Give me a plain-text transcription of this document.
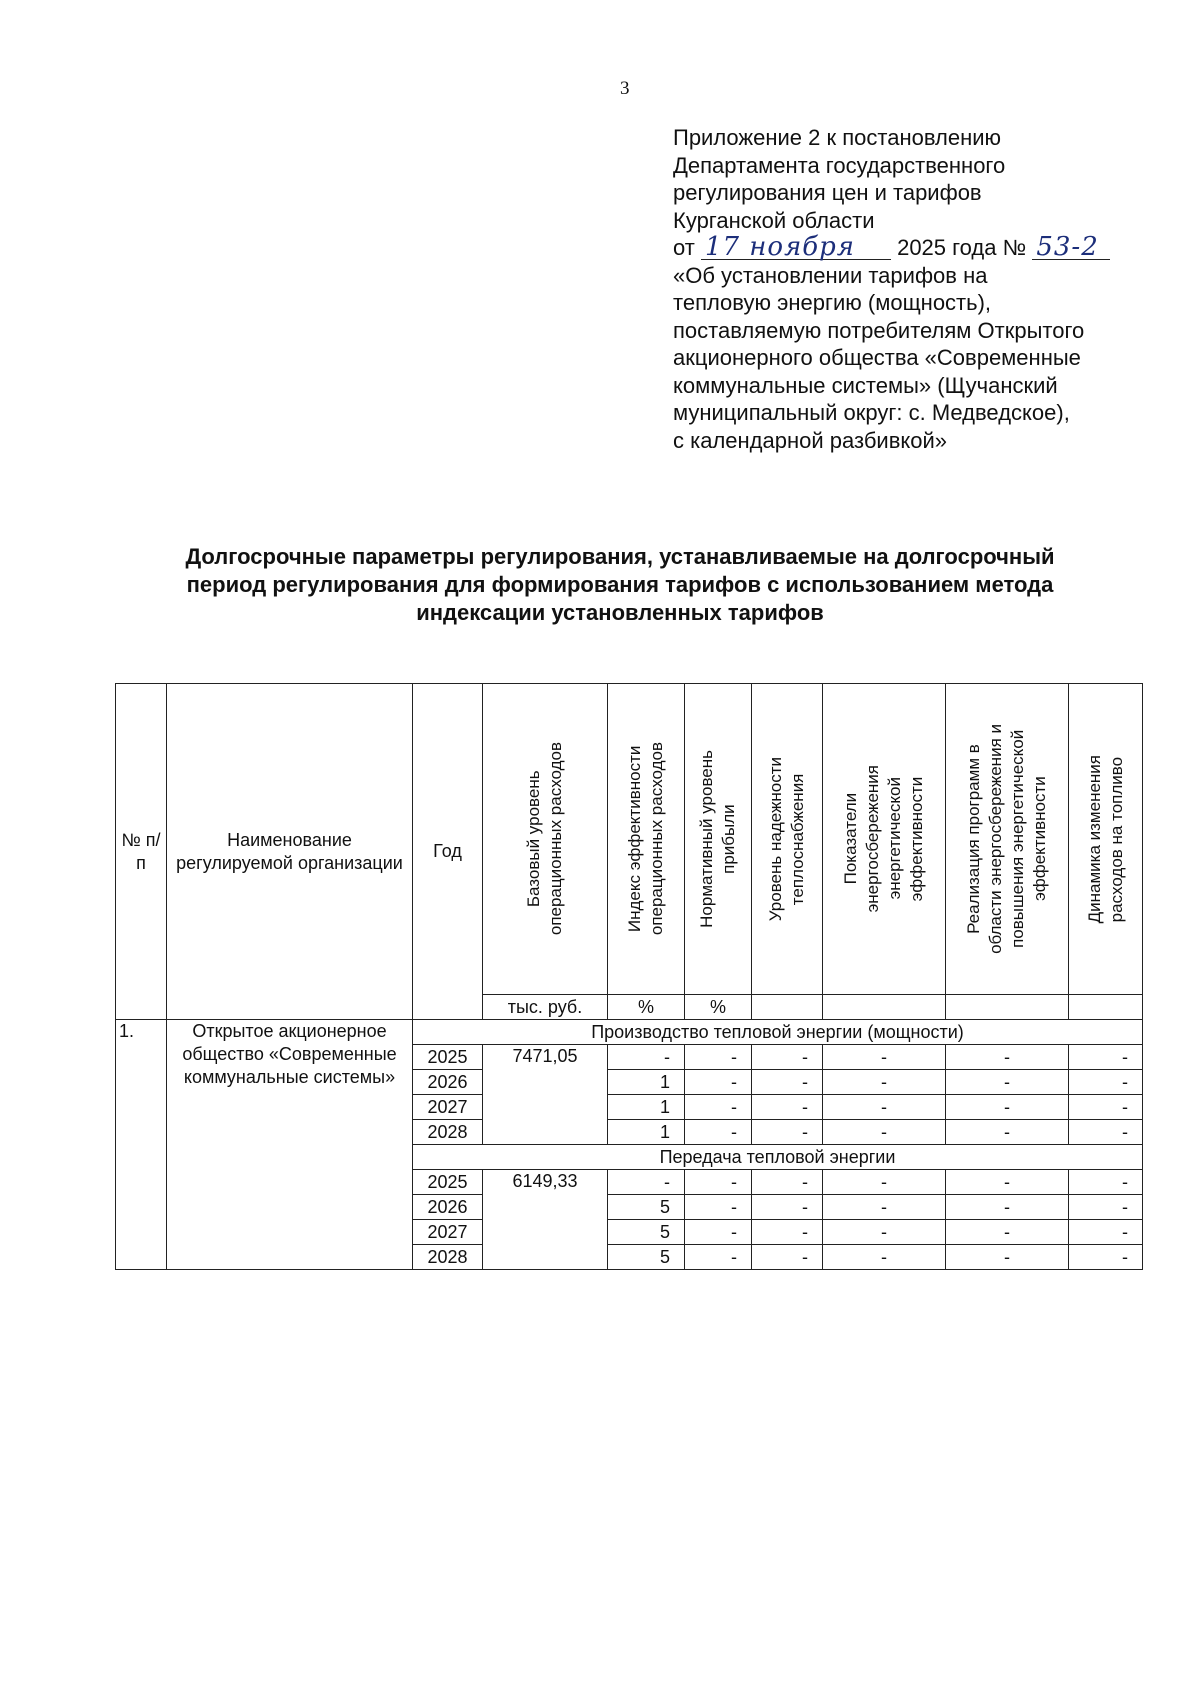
3
Приложение 2 к постановлению
Департамента государственного
регулирования цен и тарифов
Курганской области
от 17 ноября 2025 года № 53-2
«Об установлении тарифов на
тепловую энергию (мощность),
поставляемую потребителям Открытого
акционерного общества «Современные
коммунальные системы» (Щучанский
муниципальный округ: с. Медведское),
с календарной разбивкой»
Долгосрочные параметры регулирования, устанавливаемые на долгосрочный
период регулирования для формирования тарифов с использованием метода
индексации установленных тарифов
№ п/п	Наименование регулируемой организации	Год	Базовый уровень операционных расходов	Индекс эффективности операционных расходов	Нормативный уровень прибыли	Уровень надежности теплоснабжения	Показатели энергосбережения энергетической эффективности	Реализация программ в области энергосбережения и повышения энергетической эффективности	Динамика изменения расходов на топливо

			тыс. руб.	%	%				
1.	Открытое акционерное общество «Современные коммунальные системы»	Производство тепловой энергии (мощности)							
		2025	7471,05	-	-	-	-	-	-
		2026		1	-	-	-	-	-
		2027		1	-	-	-	-	-
		2028		1	-	-	-	-	-
		Передача тепловой энергии							
		2025	6149,33	-	-	-	-	-	-
		2026		5	-	-	-	-	-
		2027		5	-	-	-	-	-
		2028		5	-	-	-	-	-
